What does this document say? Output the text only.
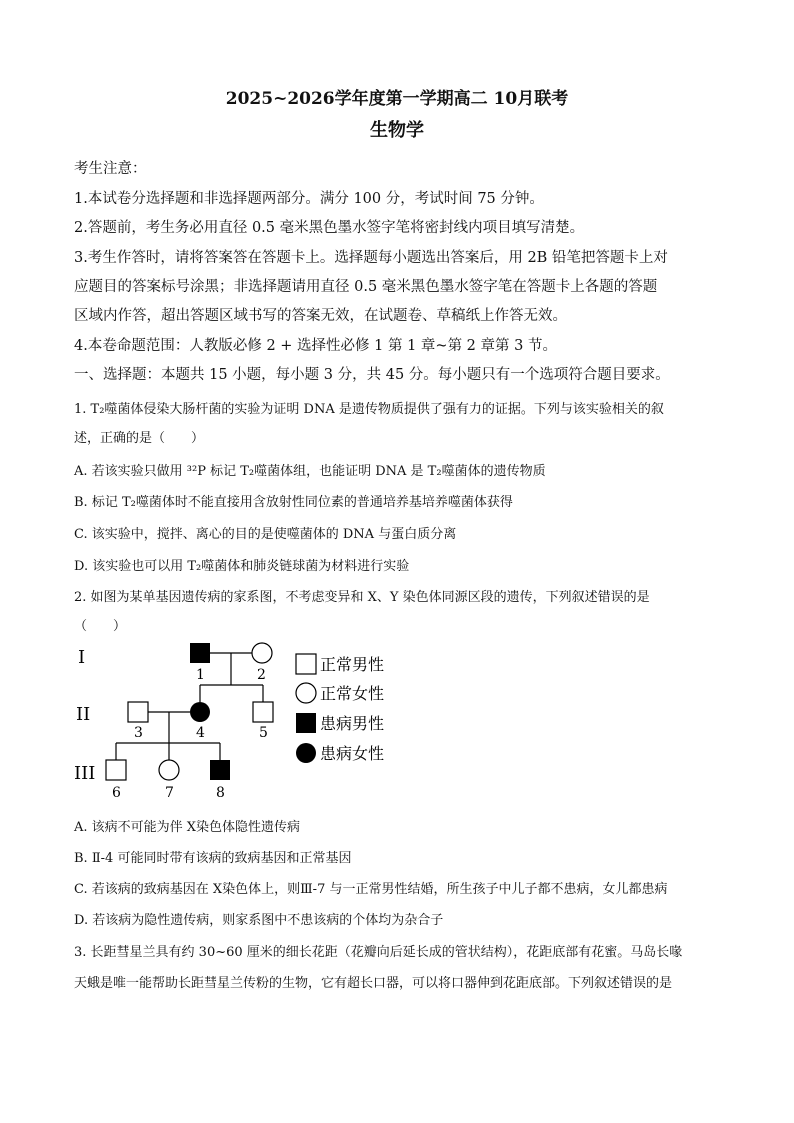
2025~2026学年度第一学期高二 10月联考
生物学
考生注意：
1.本试卷分选择题和非选择题两部分。满分 100 分，考试时间 75 分钟。
2.答题前，考生务必用直径 0.5 毫米黑色墨水签字笔将密封线内项目填写清楚。
3.考生作答时，请将答案答在答题卡上。选择题每小题选出答案后，用 2B 铅笔把答题卡上对
应题目的答案标号涂黑；非选择题请用直径 0.5 毫米黑色墨水签字笔在答题卡上各题的答题
区域内作答，超出答题区域书写的答案无效，在试题卷、草稿纸上作答无效。
4.本卷命题范围：人教版必修 2 + 选择性必修 1 第 1 章~第 2 章第 3 节。
一、选择题：本题共 15 小题，每小题 3 分，共 45 分。每小题只有一个选项符合题目要求。
1. T₂噬菌体侵染大肠杆菌的实验为证明 DNA 是遗传物质提供了强有力的证据。下列与该实验相关的叙
述，正确的是（　　）
A. 若该实验只做用 ³²P 标记 T₂噬菌体组，也能证明 DNA 是 T₂噬菌体的遗传物质
B. 标记 T₂噬菌体时不能直接用含放射性同位素的普通培养基培养噬菌体获得
C. 该实验中，搅拌、离心的目的是使噬菌体的 DNA 与蛋白质分离
D. 该实验也可以用 T₂噬菌体和肺炎链球菌为材料进行实验
2. 如图为某单基因遗传病的家系图，不考虑变异和 X、Y 染色体同源区段的遗传，下列叙述错误的是
（　　）
I
II
III
1	2
3	4	5
6	7	8
正常男性
正常女性
患病男性
患病女性
A. 该病不可能为伴 X染色体隐性遗传病
B. Ⅱ-4 可能同时带有该病的致病基因和正常基因
C. 若该病的致病基因在 X染色体上，则Ⅲ-7 与一正常男性结婚，所生孩子中儿子都不患病，女儿都患病
D. 若该病为隐性遗传病，则家系图中不患该病的个体均为杂合子
3. 长距彗星兰具有约 30~60 厘米的细长花距（花瓣向后延长成的管状结构），花距底部有花蜜。马岛长喙
天蛾是唯一能帮助长距彗星兰传粉的生物，它有超长口器，可以将口器伸到花距底部。下列叙述错误的是
